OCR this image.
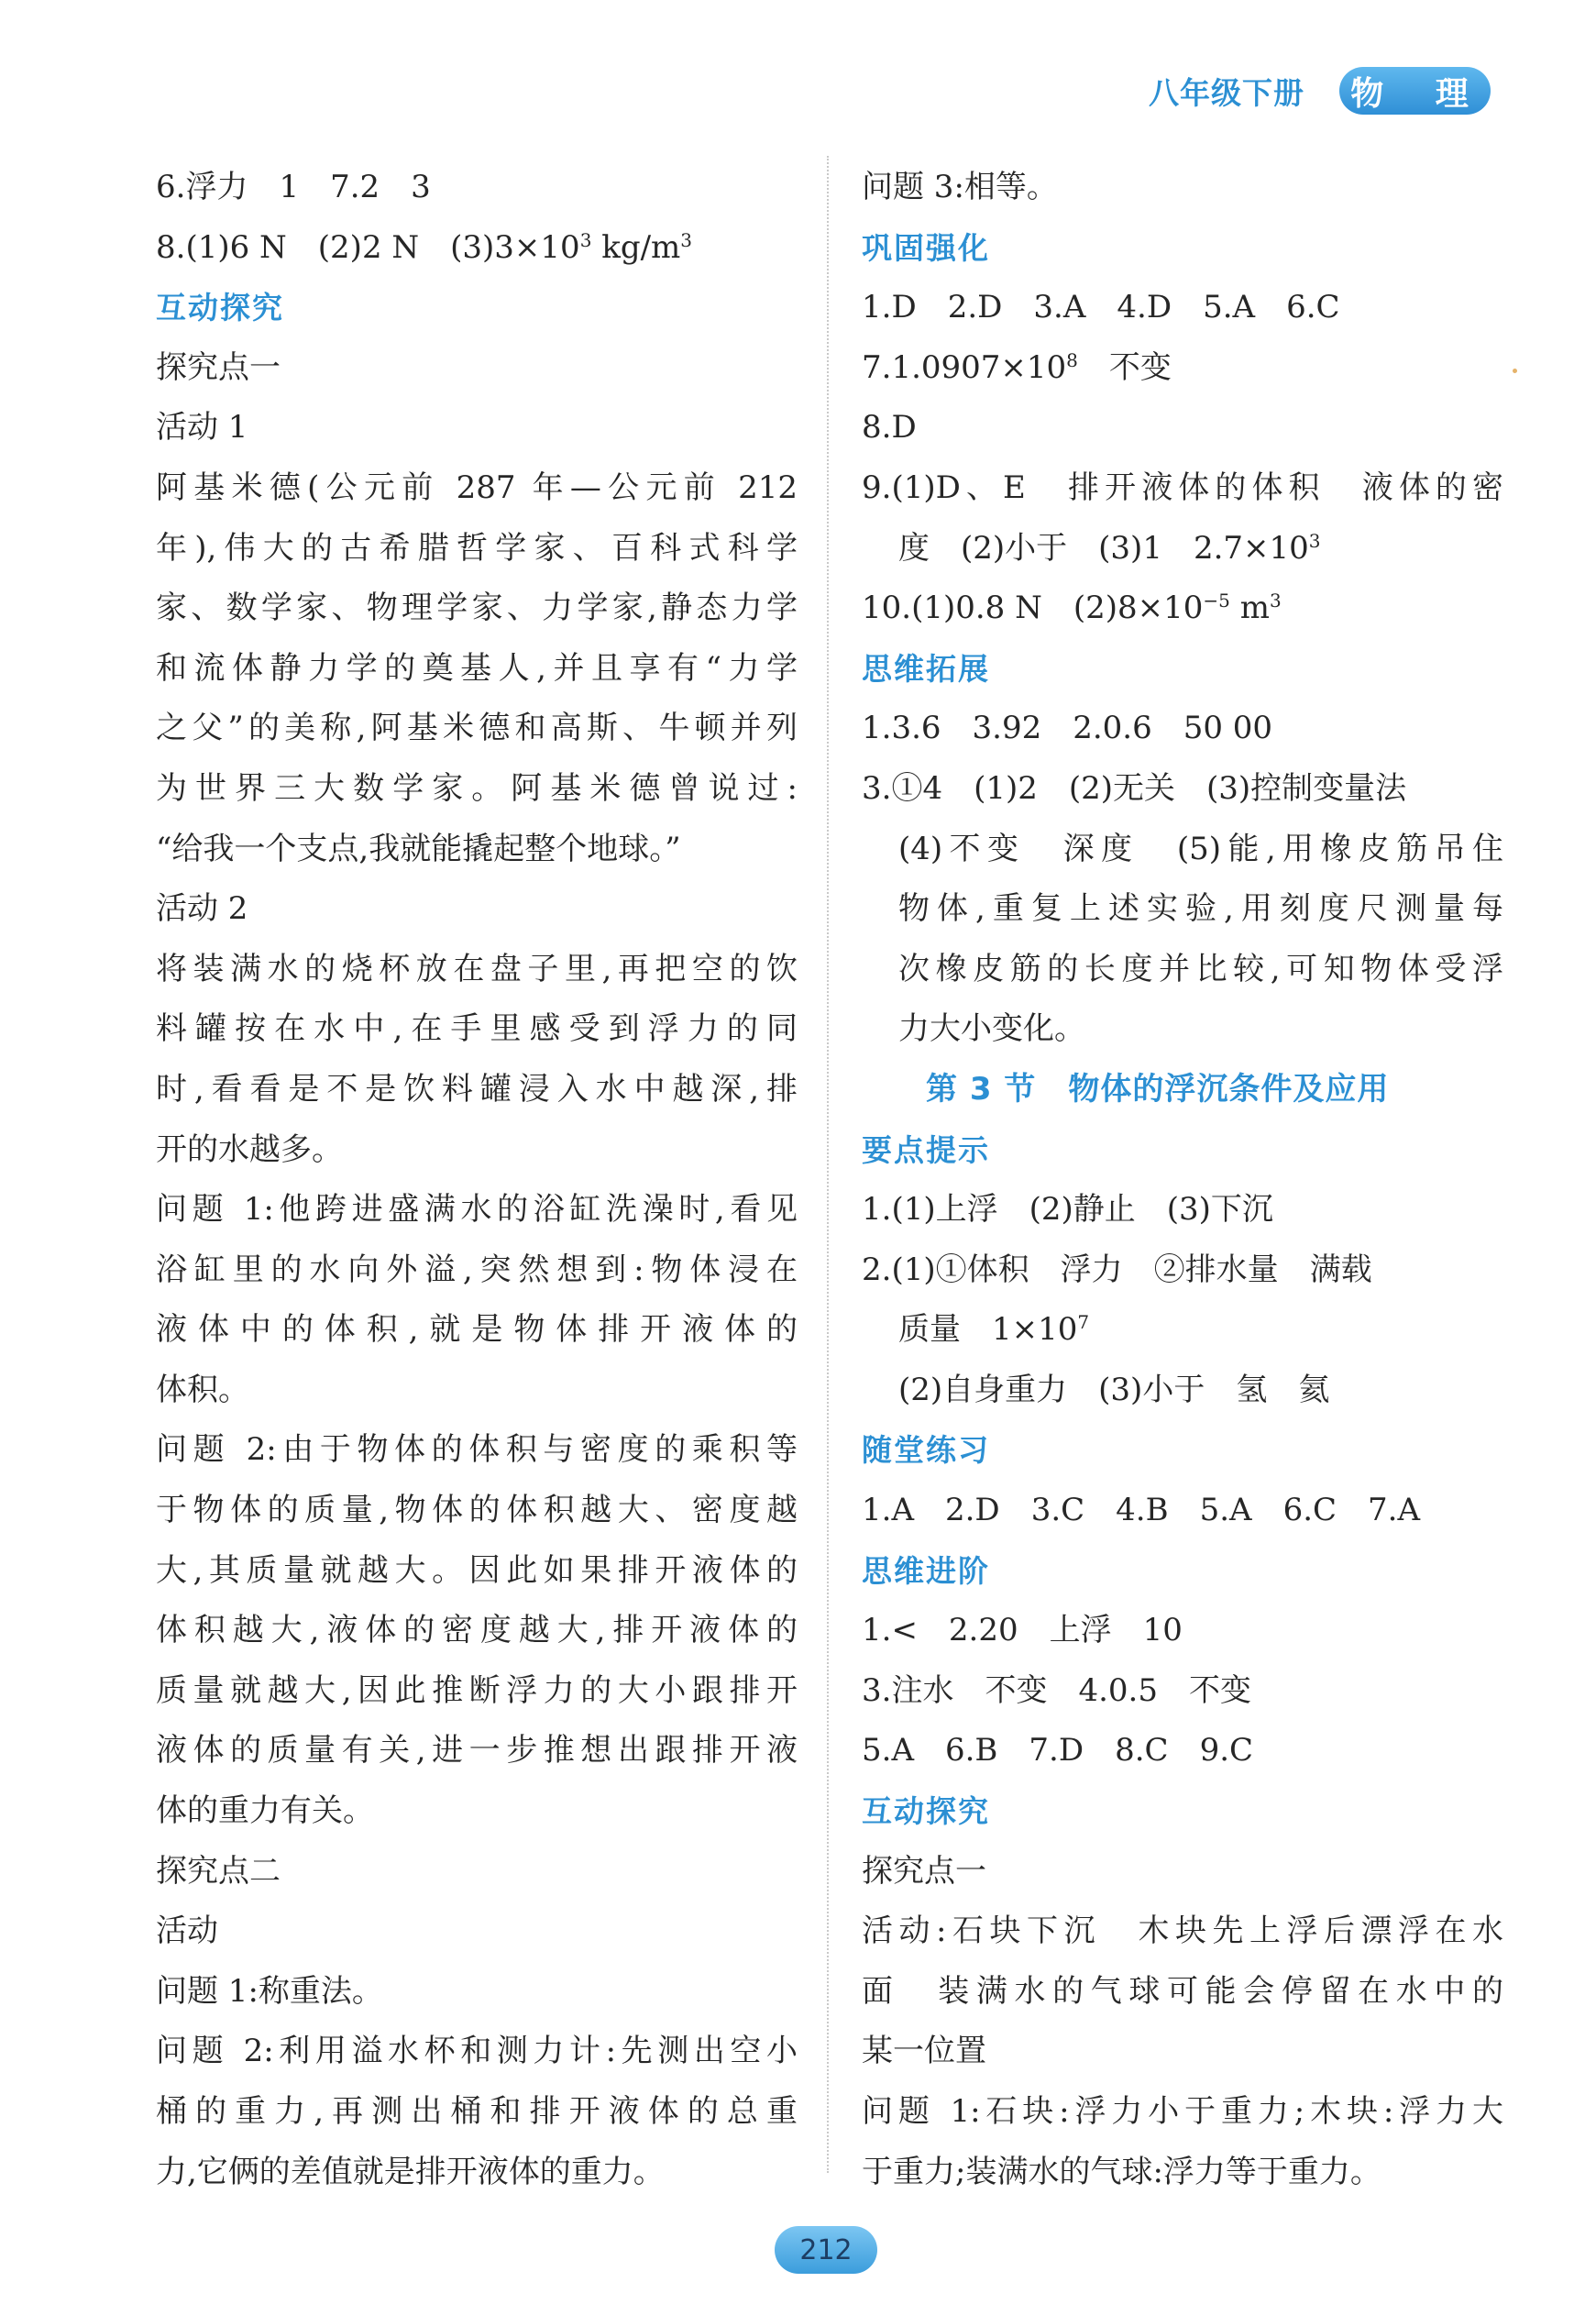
八年级下册	物 理
6.浮力　1　7.2　3
8.(1)6 N　(2)2 N　$(3)3\times 10^3$ $kg/m^3$
互动探究
探究点一
活动 1
阿基米德(公元前 287 年—公元前 212
年),伟大的古希腊哲学家、百科式科学
家、数学家、物理学家、力学家,静态力学
和流体静力学的奠基人,并且享有“力学
之父”的美称,阿基米德和高斯、牛顿并列
为世界三大数学家。阿基米德曾说过:
“给我一个支点,我就能撬起整个地球。”
活动 2
将装满水的烧杯放在盘子里,再把空的饮
料罐按在水中,在手里感受到浮力的同
时,看看是不是饮料罐浸入水中越深,排
开的水越多。
问题 1:他跨进盛满水的浴缸洗澡时,看见
浴缸里的水向外溢,突然想到:物体浸在
液体中的体积,就是物体排开液体的
体积。
问题 2:由于物体的体积与密度的乘积等
于物体的质量,物体的体积越大、密度越
大,其质量就越大。因此如果排开液体的
体积越大,液体的密度越大,排开液体的
质量就越大,因此推断浮力的大小跟排开
液体的质量有关,进一步推想出跟排开液
体的重力有关。
探究点二
活动
问题 1:称重法。
问题 2:利用溢水杯和测力计:先测出空小
桶的重力,再测出桶和排开液体的总重
力,它俩的差值就是排开液体的重力。
问题 3:相等。
巩固强化
1.D　2.D　3.A　4.D　5.A　6.C
$7.1.0907\times 10^8$　不变
8.D
9.(1)D、E　排开液体的体积　液体的密
度　(2)小于　(3)1　$2.7\times 10^3$
10.(1)0.8 N　$(2)8\times 10^{-5}$ $m^3$
思维拓展
1.3.6　3.92　2.0.6　50 00
3.①4　(1)2　(2)无关　(3)控制变量法
(4)不变　深度　(5)能,用橡皮筋吊住
物体,重复上述实验,用刻度尺测量每
次橡皮筋的长度并比较,可知物体受浮
力大小变化。
第 3 节　物体的浮沉条件及应用
要点提示
1.(1)上浮　(2)静止　(3)下沉
2.(1)①体积　浮力　②排水量　满载
质量　$1\times 10^7$
(2)自身重力　(3)小于　氢　氦
随堂练习
1.A　2.D　3.C　4.B　5.A　6.C　7.A
思维进阶
1.<　2.20　上浮　10
3.注水　不变　4.0.5　不变
5.A　6.B　7.D　8.C　9.C
互动探究
探究点一
活动:石块下沉　木块先上浮后漂浮在水
面　装满水的气球可能会停留在水中的
某一位置
问题 1:石块:浮力小于重力;木块:浮力大
于重力;装满水的气球:浮力等于重力。
212
